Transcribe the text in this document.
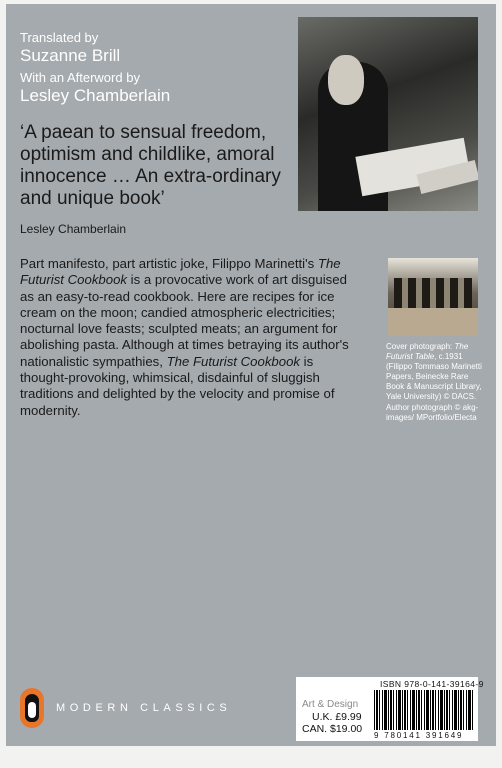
Translated by
Suzanne Brill
With an Afterword by
Lesley Chamberlain
‘A paean to sensual freedom, optimism and childlike, amoral innocence … An extra-ordinary and unique book’
Lesley Chamberlain
Part manifesto, part artistic joke, Filippo Marinetti's The Futurist Cookbook is a provocative work of art disguised as an easy-to-read cookbook. Here are recipes for ice cream on the moon; candied atmospheric electricities; nocturnal love feasts; sculpted meats; an argument for abolishing pasta. Although at times betraying its author's nationalistic sympathies, The Futurist Cookbook is thought-provoking, whimsical, disdainful of sluggish traditions and delighted by the velocity and promise of modernity.
Cover photograph: The Futurist Table, c.1931 (Filippo Tommaso Marinetti Papers, Beinecke Rare Book & Manuscript Library, Yale University) © DACS. Author photograph © akg-images/ MPortfolio/Electa
MODERN CLASSICS
ISBN 978-0-141-39164-9
Art & Design
U.K. £9.99
CAN. $19.00
9 780141 391649
